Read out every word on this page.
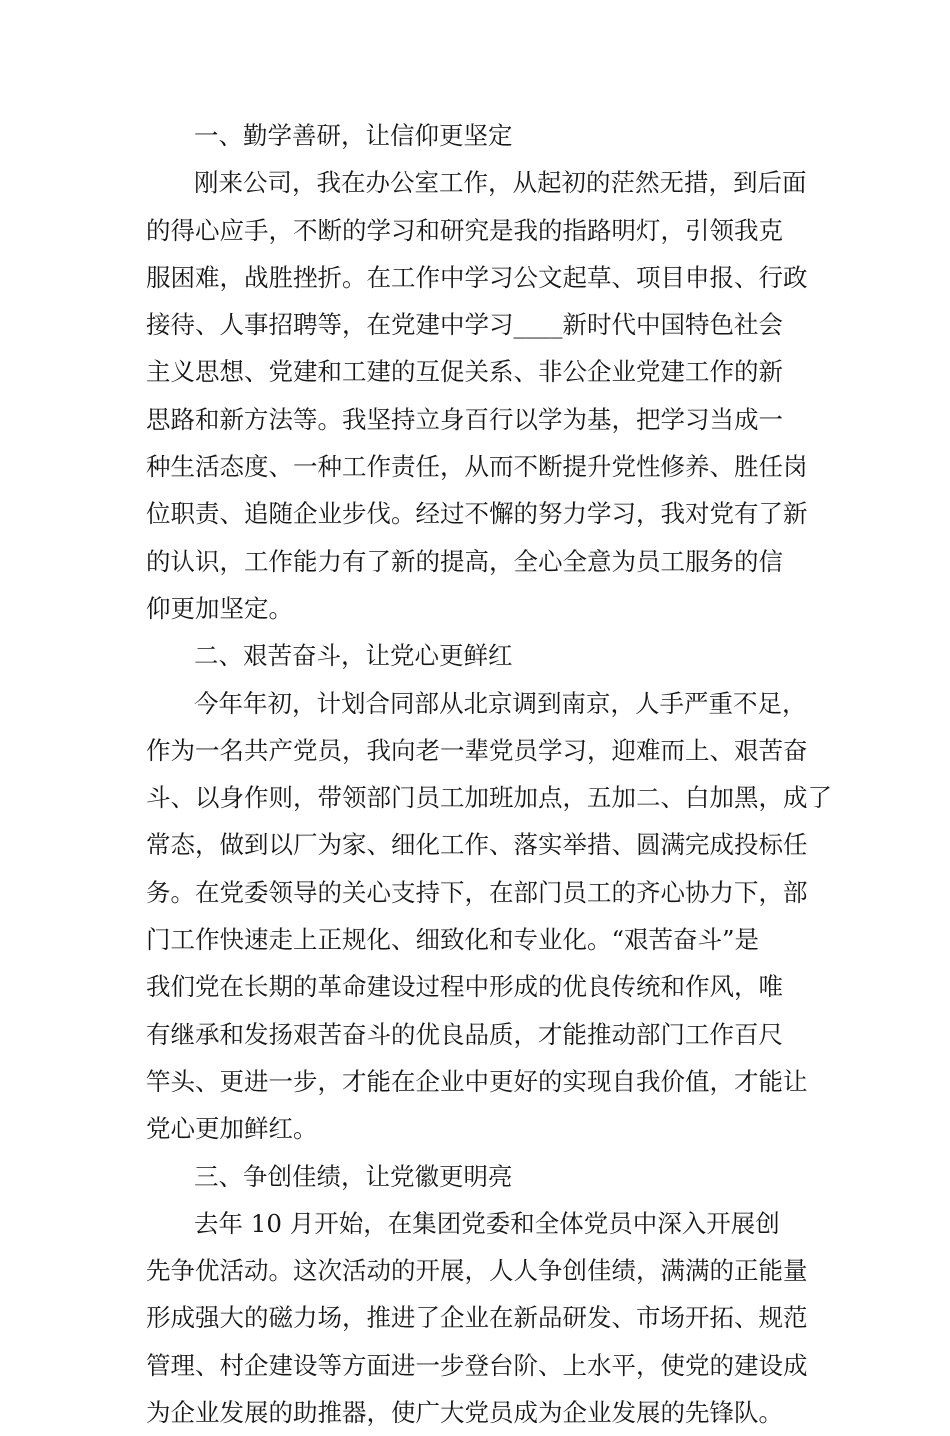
一、勤学善研，让信仰更坚定
刚来公司，我在办公室工作，从起初的茫然无措，到后面
的得心应手，不断的学习和研究是我的指路明灯，引领我克
服困难，战胜挫折。在工作中学习公文起草、项目申报、行政
接待、人事招聘等，在党建中学习____新时代中国特色社会
主义思想、党建和工建的互促关系、非公企业党建工作的新
思路和新方法等。我坚持立身百行以学为基，把学习当成一
种生活态度、一种工作责任，从而不断提升党性修养、胜任岗
位职责、追随企业步伐。经过不懈的努力学习，我对党有了新
的认识，工作能力有了新的提高，全心全意为员工服务的信
仰更加坚定。
二、艰苦奋斗，让党心更鲜红
今年年初，计划合同部从北京调到南京，人手严重不足，
作为一名共产党员，我向老一辈党员学习，迎难而上、艰苦奋
斗、以身作则，带领部门员工加班加点，五加二、白加黑，成了
常态，做到以厂为家、细化工作、落实举措、圆满完成投标任
务。在党委领导的关心支持下，在部门员工的齐心协力下，部
门工作快速走上正规化、细致化和专业化。“艰苦奋斗”是
我们党在长期的革命建设过程中形成的优良传统和作风，唯
有继承和发扬艰苦奋斗的优良品质，才能推动部门工作百尺
竿头、更进一步，才能在企业中更好的实现自我价值，才能让
党心更加鲜红。
三、争创佳绩，让党徽更明亮
去年 10 月开始，在集团党委和全体党员中深入开展创
先争优活动。这次活动的开展，人人争创佳绩，满满的正能量
形成强大的磁力场，推进了企业在新品研发、市场开拓、规范
管理、村企建设等方面进一步登台阶、上水平，使党的建设成
为企业发展的助推器，使广大党员成为企业发展的先锋队。
